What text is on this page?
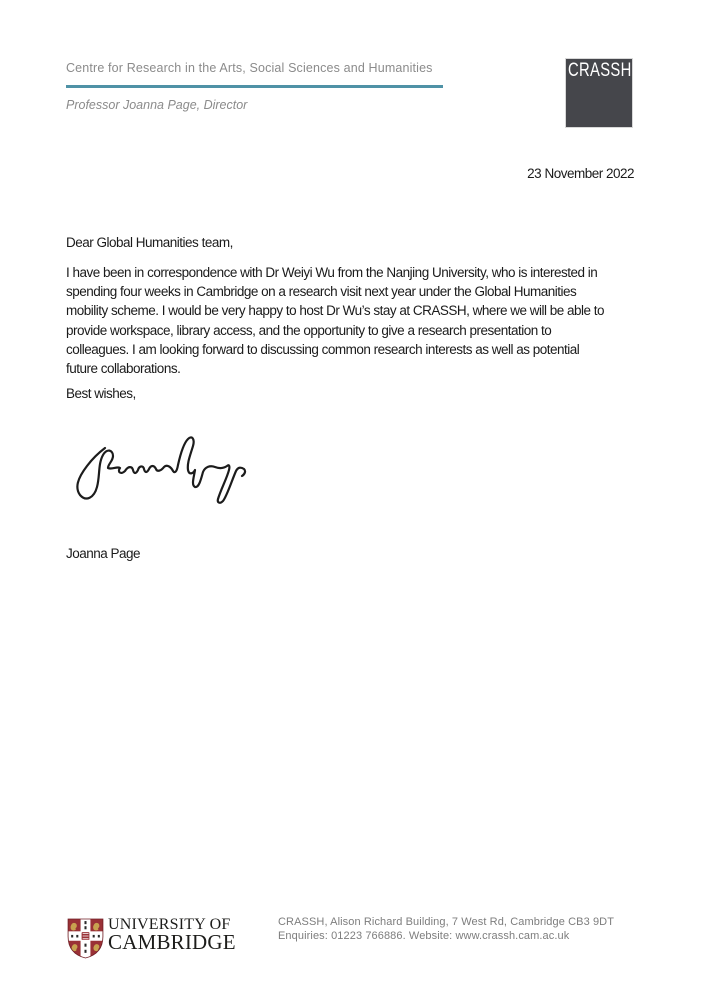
Centre for Research in the Arts, Social Sciences and Humanities
Professor Joanna Page, Director
CRASSH
23 November 2022
Dear Global Humanities team,
I have been in correspondence with Dr Weiyi Wu from the Nanjing University, who is interested in
spending four weeks in Cambridge on a research visit next year under the Global Humanities
mobility scheme. I would be very happy to host Dr Wu’s stay at CRASSH, where we will be able to
provide workspace, library access, and the opportunity to give a research presentation to
colleagues. I am looking forward to discussing common research interests as well as potential
future collaborations.
Best wishes,
Joanna Page
UNIVERSITY OF
CAMBRIDGE
CRASSH, Alison Richard Building, 7 West Rd, Cambridge CB3 9DT
Enquiries: 01223 766886. Website: www.crassh.cam.ac.uk
